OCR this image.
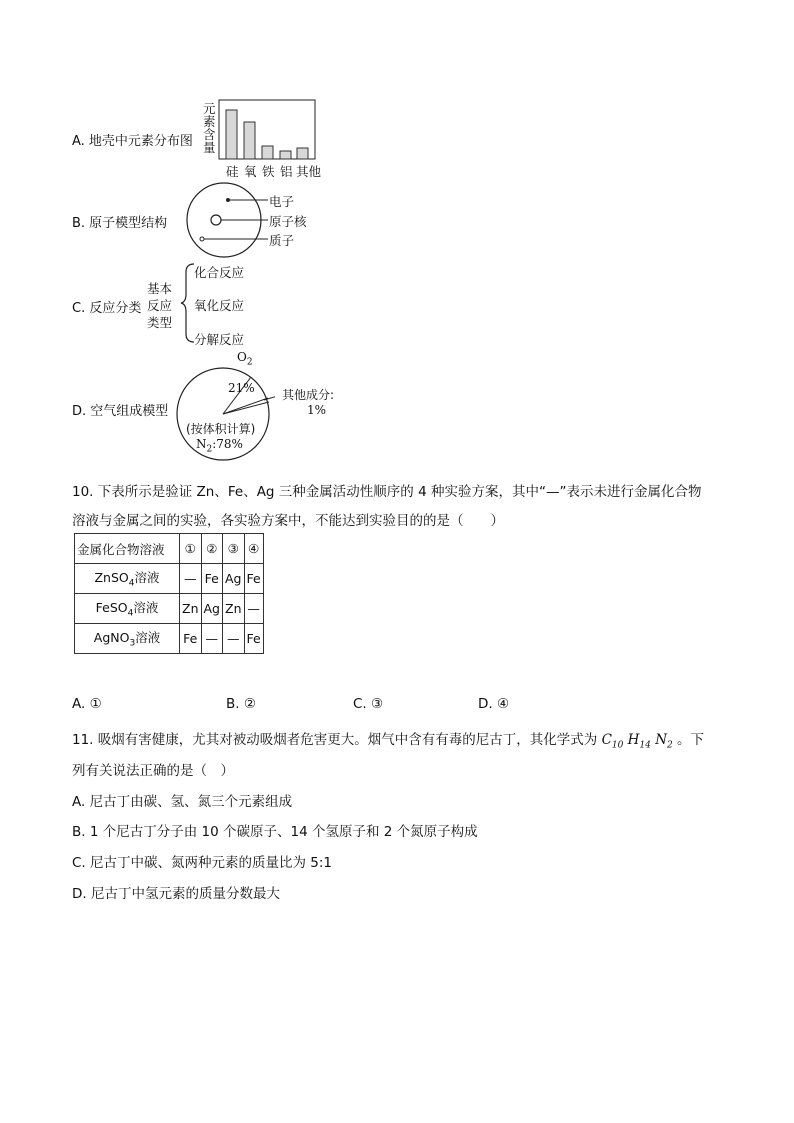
A. 地壳中元素分布图
元素含量
硅 氧 铁 铝 其他
B. 原子模型结构
电子
原子核
质子
C. 反应分类
基本反应类型
化合反应
氧化反应
分解反应
D. 空气组成模型
$O_2$
21% 其他成分:
1%
(按体积计算)
$N_2:78\%$
10. 下表所示是验证 Zn、Fe、Ag 三种金属活动性顺序的 4 种实验方案，其中“—”表示未进行金属化合物
溶液与金属之间的实验，各实验方案中，不能达到实验目的的是（　　）
金属化合物溶液	①	②	③	④
ZnSO$_4$溶液	—	Fe	Ag	Fe
FeSO$_4$溶液	Zn	Ag	Zn	—
AgNO$_3$溶液	Fe	—	—	Fe
A. ①	B. ②	C. ③	D. ④
11. 吸烟有害健康，尤其对被动吸烟者危害更大。烟气中含有有毒的尼古丁，其化学式为 $C_{10}$ $H_{14}$ $N_2$ 。下
列有关说法正确的是（　）
A. 尼古丁由碳、氢、氮三个元素组成
B. 1 个尼古丁分子由 10 个碳原子、14 个氢原子和 2 个氮原子构成
C. 尼古丁中碳、氮两种元素的质量比为 5:1
D. 尼古丁中氢元素的质量分数最大
